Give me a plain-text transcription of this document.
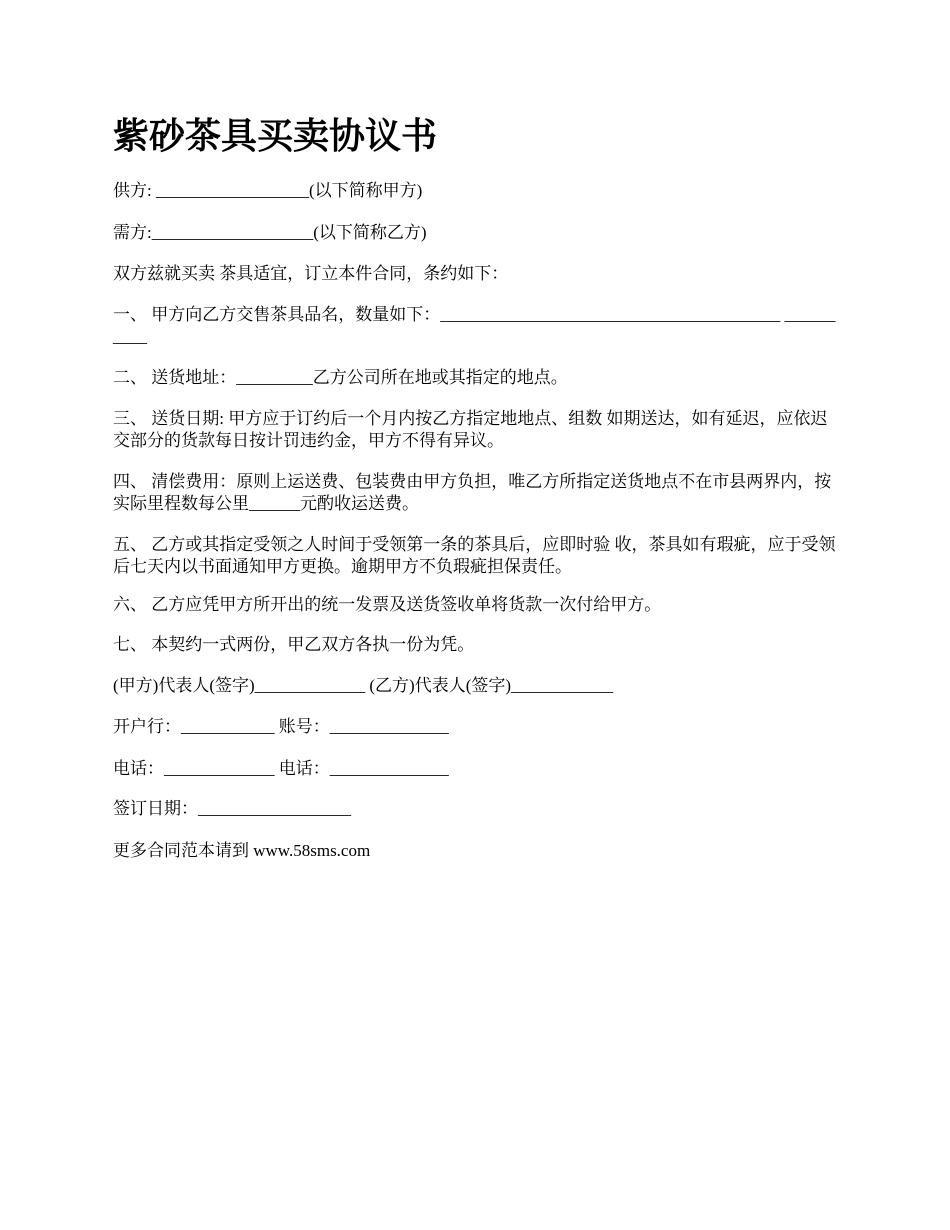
紫砂茶具买卖协议书

供方: __________________(以下简称甲方)

需方:___________________(以下简称乙方)

双方兹就买卖 茶具适宜，订立本件合同，条约如下：

一、 甲方向乙方交售茶具品名，数量如下：________________________________________ __________

二、 送货地址：_________乙方公司所在地或其指定的地点。

三、 送货日期: 甲方应于订约后一个月内按乙方指定地地点、组数 如期送达，如有延迟，应依迟交部分的货款每日按计罚违约金，甲方不得有异议。

四、 清偿费用：原则上运送费、包装费由甲方负担，唯乙方所指定送货地点不在市县两界内，按实际里程数每公里______元酌收运送费。

五、 乙方或其指定受领之人时间于受领第一条的茶具后，应即时验 收，茶具如有瑕疵，应于受领后七天内以书面通知甲方更换。逾期甲方不负瑕疵担保责任。

六、 乙方应凭甲方所开出的统一发票及送货签收单将货款一次付给甲方。

七、 本契约一式两份，甲乙双方各执一份为凭。

(甲方)代表人(签字)_____________ (乙方)代表人(签字)____________

开户行：___________ 账号：______________

电话：_____________ 电话：______________

签订日期：__________________

更多合同范本请到 www.58sms.com
